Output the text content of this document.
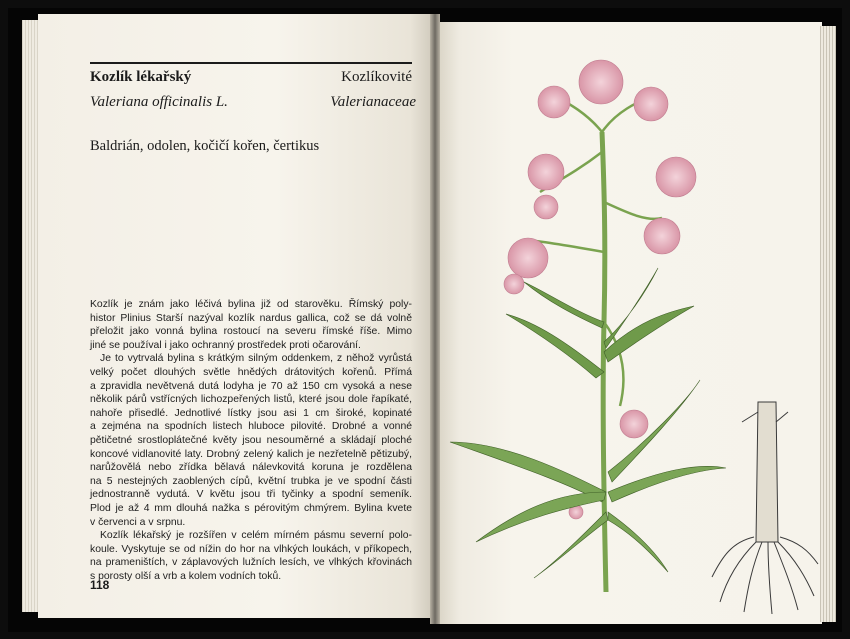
Kozlík lékařský	Kozlíkovité
Valeriana officinalis L.	Valerianaceae
Baldrián, odolen, kočičí kořen, čertikus

Kozlík je znám jako léčivá bylina již od starověku. Římský poly-

histor Plinius Starší nazýval kozlík nardus gallica, což se dá volně

přeložit jako vonná bylina rostoucí na severu římské říše. Mimo

jiné se používal i jako ochranný prostředek proti očarování.

Je to vytrvalá bylina s krátkým silným oddenkem, z něhož vyrůstá

velký počet dlouhých světle hnědých drátovitých kořenů. Přímá

a zpravidla nevětvená dutá lodyha je 70 až 150 cm vysoká a nese

několik párů vstřícných lichozpeřených listů, které jsou dole řapíkaté,

nahoře přisedlé. Jednotlivé lístky jsou asi 1 cm široké, kopinaté

a zejména na spodních listech hluboce pilovité. Drobné a vonné

pětičetné srostloplátečné květy jsou nesouměrné a skládají ploché

koncové vidlanovité laty. Drobný zelený kalich je nezřetelně pětizubý,

narůžovělá nebo zřídka bělavá nálevkovitá koruna je rozdělena

na 5 nestejných zaoblených cípů, květní trubka je ve spodní části

jednostranně vydutá. V květu jsou tři tyčinky a spodní semeník.

Plod je až 4 mm dlouhá nažka s pérovitým chmýrem. Bylina kvete

v červenci a v srpnu.

Kozlík lékařský je rozšířen v celém mírném pásmu severní polo-

koule. Vyskytuje se od nížin do hor na vlhkých loukách, v příkopech,

na prameništích, v záplavových lužních lesích, ve vlhkých křovinách

s porosty olší a vrb a kolem vodních toků.

118
